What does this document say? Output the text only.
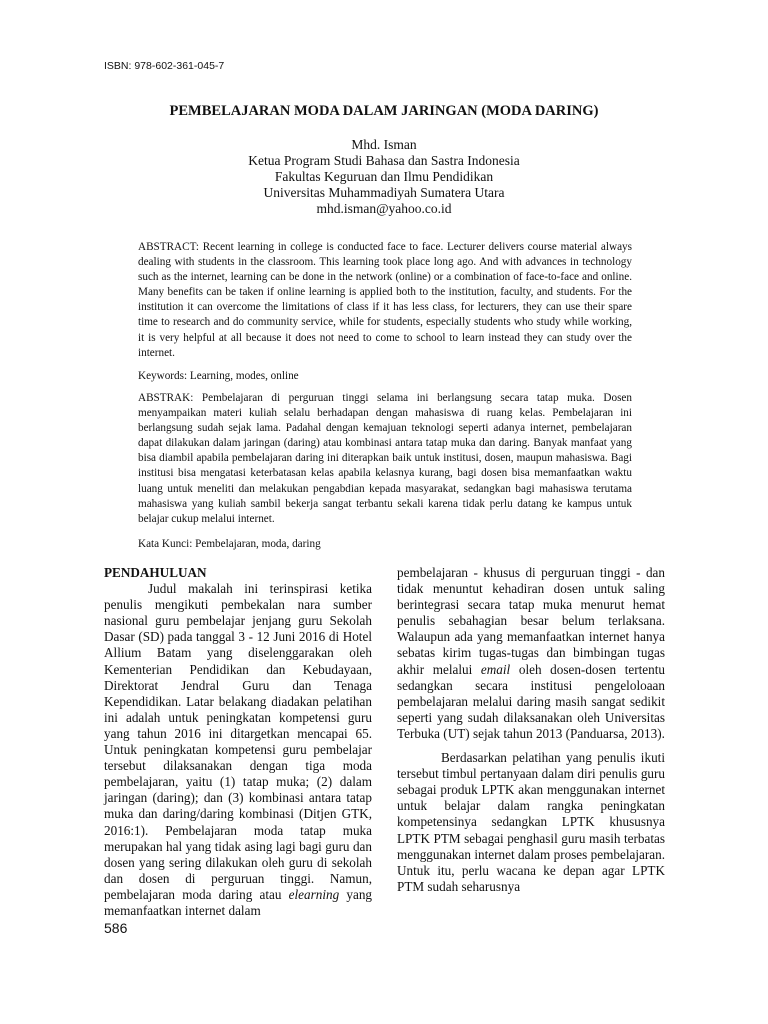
ISBN: 978-602-361-045-7
PEMBELAJARAN MODA DALAM JARINGAN (MODA DARING)
Mhd. Isman
Ketua Program Studi Bahasa dan Sastra Indonesia
Fakultas Keguruan dan Ilmu Pendidikan
Universitas Muhammadiyah Sumatera Utara
mhd.isman@yahoo.co.id

ABSTRACT: Recent learning in college is conducted face to face. Lecturer delivers course material always dealing with students in the classroom. This learning took place long ago. And with advances in technology such as the internet, learning can be done in the network (online) or a combination of face-to-face and online. Many benefits can be taken if online learning is applied both to the institution, faculty, and students. For the institution it can overcome the limitations of class if it has less class, for lecturers, they can use their spare time to research and do community service, while for students, especially students who study while working, it is very helpful at all because it does not need to come to school to learn instead they can study over the internet.

Keywords: Learning, modes, online

ABSTRAK: Pembelajaran di perguruan tinggi selama ini berlangsung secara tatap muka. Dosen menyampaikan materi kuliah selalu berhadapan dengan mahasiswa di ruang kelas. Pembelajaran ini berlangsung sudah sejak lama. Padahal dengan kemajuan teknologi seperti adanya internet, pembelajaran dapat dilakukan dalam jaringan (daring) atau kombinasi antara tatap muka dan daring. Banyak manfaat yang bisa diambil apabila pembelajaran daring ini diterapkan baik untuk institusi, dosen, maupun mahasiswa. Bagi institusi bisa mengatasi keterbatasan kelas apabila kelasnya kurang, bagi dosen bisa memanfaatkan waktu luang untuk meneliti dan melakukan pengabdian kepada masyarakat, sedangkan bagi mahasiswa terutama mahasiswa yang kuliah sambil bekerja sangat terbantu sekali karena tidak perlu datang ke kampus untuk belajar cukup melalui internet.

Kata Kunci: Pembelajaran, moda, daring

PENDAHULUAN

Judul makalah ini terinspirasi ketika penulis mengikuti pembekalan nara sumber nasional guru pembelajar jenjang guru Sekolah Dasar (SD) pada tanggal 3 - 12 Juni 2016 di Hotel Allium Batam yang diselenggarakan oleh Kementerian Pendidikan dan Kebudayaan, Direktorat Jendral Guru dan Tenaga Kependidikan. Latar belakang diadakan pelatihan ini adalah untuk peningkatan kompetensi guru yang tahun 2016 ini ditargetkan mencapai 65. Untuk peningkatan kompetensi guru pembelajar tersebut dilaksanakan dengan tiga moda pembelajaran, yaitu (1) tatap muka; (2) dalam jaringan (daring); dan (3) kombinasi antara tatap muka dan daring/daring kombinasi (Ditjen GTK, 2016:1). Pembelajaran moda tatap muka merupakan hal yang tidak asing lagi bagi guru dan dosen yang sering dilakukan oleh guru di sekolah dan dosen di perguruan tinggi. Namun, pembelajaran moda daring atau elearning yang memanfaatkan internet dalam

pembelajaran - khusus di perguruan tinggi - dan tidak menuntut kehadiran dosen untuk saling berintegrasi secara tatap muka menurut hemat penulis sebahagian besar belum terlaksana. Walaupun ada yang memanfaatkan internet hanya sebatas kirim tugas-tugas dan bimbingan tugas akhir melalui email oleh dosen-dosen tertentu sedangkan secara institusi pengeloloaan pembelajaran melalui daring masih sangat sedikit seperti yang sudah dilaksanakan oleh Universitas Terbuka (UT) sejak tahun 2013 (Panduarsa, 2013).

Berdasarkan pelatihan yang penulis ikuti tersebut timbul pertanyaan dalam diri penulis guru sebagai produk LPTK akan menggunakan internet untuk belajar dalam rangka peningkatan kompetensinya sedangkan LPTK khususnya LPTK PTM sebagai penghasil guru masih terbatas menggunakan internet dalam proses pembelajaran. Untuk itu, perlu wacana ke depan agar LPTK PTM sudah seharusnya

586
